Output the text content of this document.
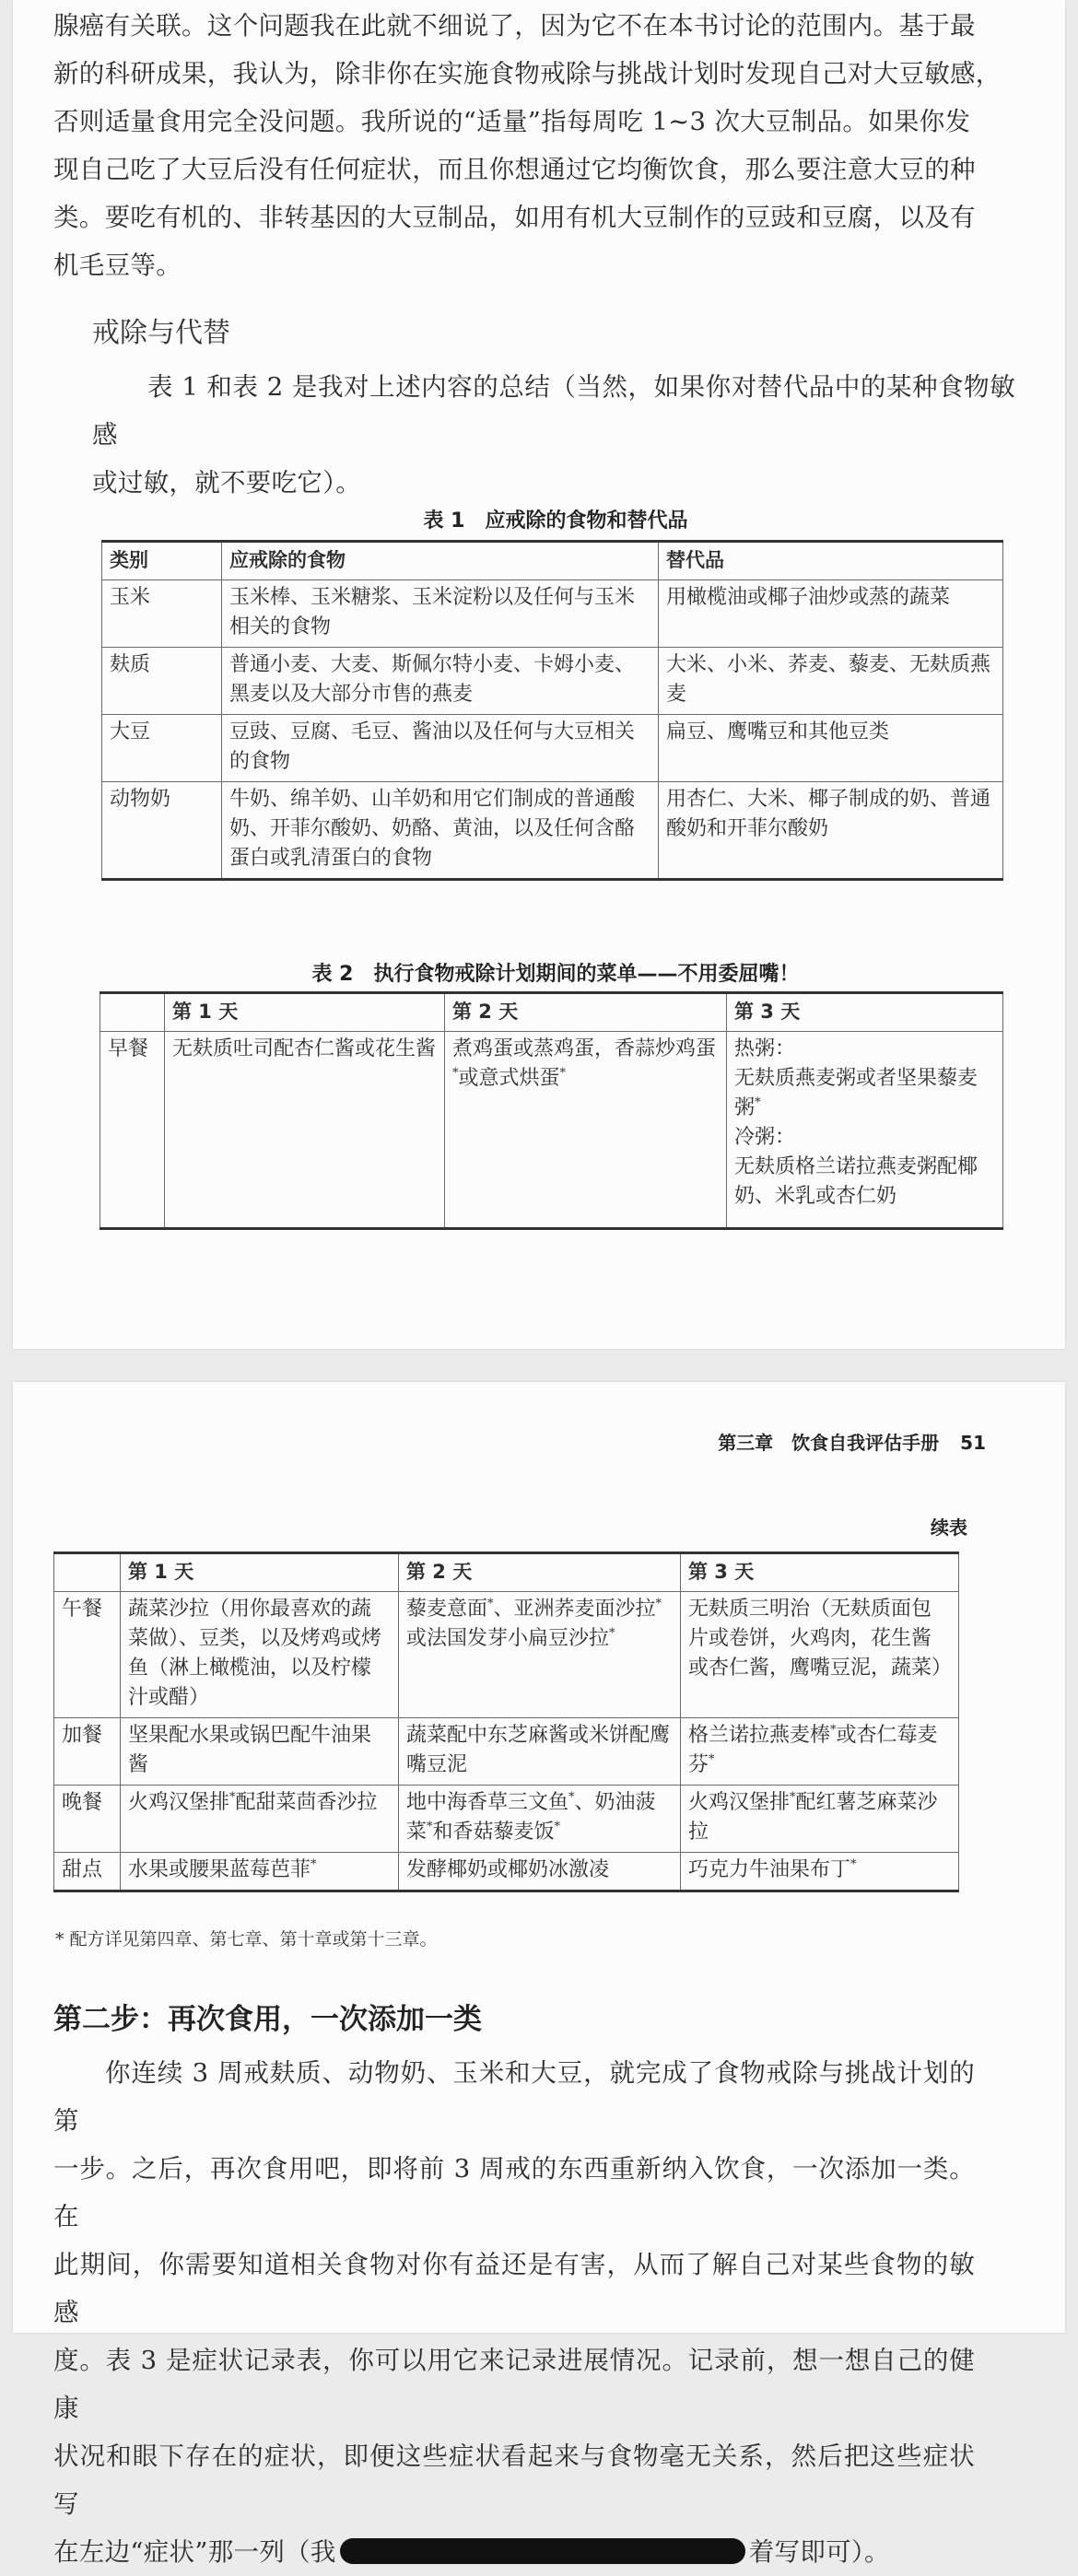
腺癌有关联。这个问题我在此就不细说了，因为它不在本书讨论的范围内。基于最
新的科研成果，我认为，除非你在实施食物戒除与挑战计划时发现自己对大豆敏感，
否则适量食用完全没问题。我所说的“适量”指每周吃 1~3 次大豆制品。如果你发
现自己吃了大豆后没有任何症状，而且你想通过它均衡饮食，那么要注意大豆的种
类。要吃有机的、非转基因的大豆制品，如用有机大豆制作的豆豉和豆腐，以及有
机毛豆等。

戒除与代替

表 1 和表 2 是我对上述内容的总结（当然，如果你对替代品中的某种食物敏感
或过敏，就不要吃它）。

表 1　应戒除的食物和替代品
类别	应戒除的食物	替代品
玉米	玉米棒、玉米糖浆、玉米淀粉以及任何与玉米相关的食物	用橄榄油或椰子油炒或蒸的蔬菜
麸质	普通小麦、大麦、斯佩尔特小麦、卡姆小麦、黑麦以及大部分市售的燕麦	大米、小米、荞麦、藜麦、无麸质燕麦
大豆	豆豉、豆腐、毛豆、酱油以及任何与大豆相关的食物	扁豆、鹰嘴豆和其他豆类
动物奶	牛奶、绵羊奶、山羊奶和用它们制成的普通酸奶、开菲尔酸奶、奶酪、黄油，以及任何含酪蛋白或乳清蛋白的食物	用杏仁、大米、椰子制成的奶、普通酸奶和开菲尔酸奶
表 2　执行食物戒除计划期间的菜单——不用委屈嘴！
	第 1 天	第 2 天	第 3 天
早餐	无麸质吐司配杏仁酱或花生酱	煮鸡蛋或蒸鸡蛋，香蒜炒鸡蛋*或意式烘蛋*	热粥：
无麸质燕麦粥或者坚果藜麦粥*
冷粥：
无麸质格兰诺拉燕麦粥配椰奶、米乳或杏仁奶
第三章　饮食自我评估手册 51
续表
	第 1 天	第 2 天	第 3 天
午餐	蔬菜沙拉（用你最喜欢的蔬菜做）、豆类，以及烤鸡或烤鱼（淋上橄榄油，以及柠檬汁或醋）	藜麦意面*、亚洲荞麦面沙拉*或法国发芽小扁豆沙拉*	无麸质三明治（无麸质面包片或卷饼，火鸡肉，花生酱或杏仁酱，鹰嘴豆泥，蔬菜）
加餐	坚果配水果或锅巴配牛油果酱	蔬菜配中东芝麻酱或米饼配鹰嘴豆泥	格兰诺拉燕麦棒*或杏仁莓麦芬*
晚餐	火鸡汉堡排*配甜菜茴香沙拉	地中海香草三文鱼*、奶油菠菜*和香菇藜麦饭*	火鸡汉堡排*配红薯芝麻菜沙拉
甜点	水果或腰果蓝莓芭菲*	发酵椰奶或椰奶冰激凌	巧克力牛油果布丁*
* 配方详见第四章、第七章、第十章或第十三章。
第二步：再次食用，一次添加一类

你连续 3 周戒麸质、动物奶、玉米和大豆，就完成了食物戒除与挑战计划的第
一步。之后，再次食用吧，即将前 3 周戒的东西重新纳入饮食，一次添加一类。在
此期间，你需要知道相关食物对你有益还是有害，从而了解自己对某些食物的敏感
度。表 3 是症状记录表，你可以用它来记录进展情况。记录前，想一想自己的健康
状况和眼下存在的症状，即便这些症状看起来与食物毫无关系，然后把这些症状写
在左边“症状”那一列（我	着写即可）。
